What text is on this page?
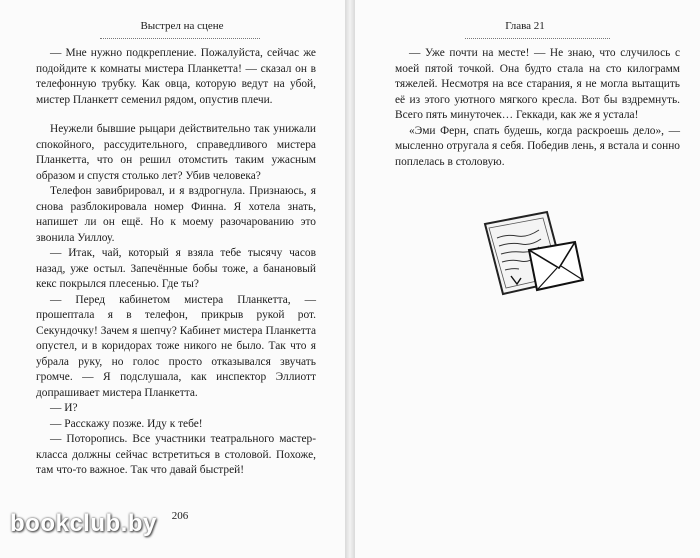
Выстрел на сцене

— Мне нужно подкрепление. Пожалуйста, сейчас же подойдите к комнаты мистера Планкетта! — сказал он в телефонную трубку. Как овца, которую ведут на убой, мистер Планкетт семенил рядом, опустив плечи.

Неужели бывшие рыцари действительно так унижали спокойного, рассудительного, справедливого мистера Планкетта, что он решил отомстить таким ужасным образом и спустя столько лет? Убив человека?

Телефон завибрировал, и я вздрогнула. Признаюсь, я снова разблокировала номер Финна. Я хотела знать, напишет ли он ещё. Но к моему разочарованию это звонила Уиллоу.

— Итак, чай, который я взяла тебе тысячу часов назад, уже остыл. Запечённые бобы тоже, а банановый кекс покрылся плесенью. Где ты?

— Перед кабинетом мистера Планкетта, — прошептала я в телефон, прикрыв рукой рот. Секундочку! Зачем я шепчу? Кабинет мистера Планкетта опустел, и в коридорах тоже никого не было. Так что я убрала руку, но голос просто отказывался звучать громче. — Я подслушала, как инспектор Эллиотт допрашивает мистера Планкетта.

— И?

— Расскажу позже. Иду к тебе!

— Поторопись. Все участники театрального мастер-класса должны сейчас встретиться в столовой. Похоже, там что-то важное. Так что давай быстрей!

206
Глава 21

— Уже почти на месте! — Не знаю, что случилось с моей пятой точкой. Она будто стала на сто килограмм тяжелей. Несмотря на все старания, я не могла вытащить её из этого уютного мягкого кресла. Вот бы вздремнуть. Всего пять минуточек… Геккади, как же я устала!

«Эми Ферн, спать будешь, когда раскроешь дело», — мысленно отругала я себя. Победив лень, я встала и сонно поплелась в столовую.

bookclub.by
